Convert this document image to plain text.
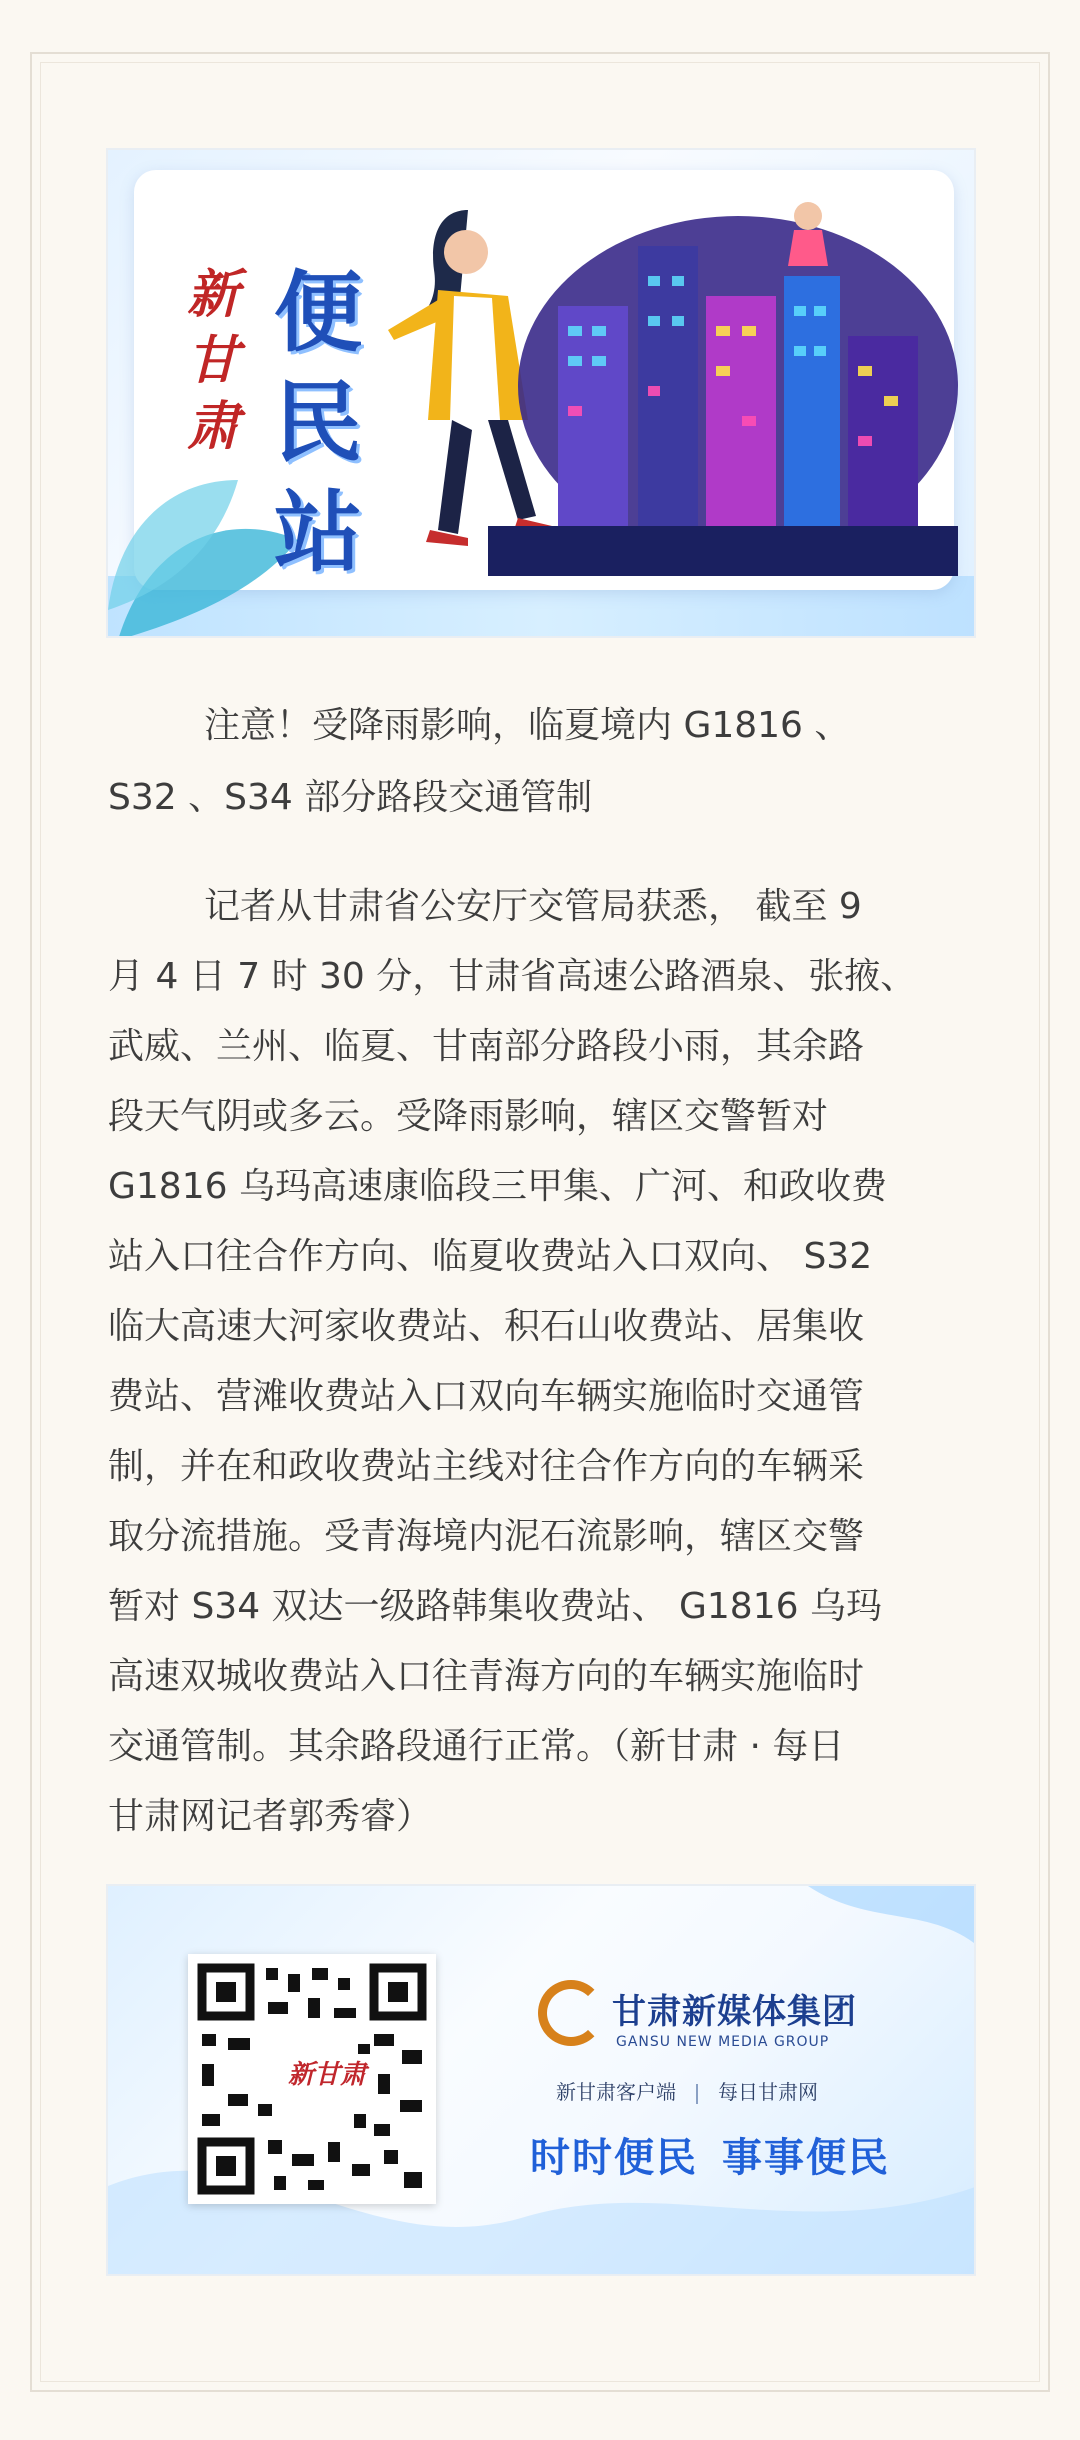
新甘肃
便民站
注意！受降雨影响，临夏境内 G1816 、
S32 、S34 部分路段交通管制
记者从甘肃省公安厅交管局获悉， 截至 9
月 4 日 7 时 30 分，甘肃省高速公路酒泉、张掖、
武威、兰州、临夏、甘南部分路段小雨，其余路
段天气阴或多云。受降雨影响，辖区交警暂对
G1816 乌玛高速康临段三甲集、广河、和政收费
站入口往合作方向、临夏收费站入口双向、 S32
临大高速大河家收费站、积石山收费站、居集收
费站、营滩收费站入口双向车辆实施临时交通管
制，并在和政收费站主线对往合作方向的车辆采
取分流措施。受青海境内泥石流影响，辖区交警
暂对 S34 双达一级路韩集收费站、 G1816 乌玛
高速双城收费站入口往青海方向的车辆实施临时
交通管制。其余路段通行正常。（新甘肃 · 每日
甘肃网记者郭秀睿）
新甘肃
甘肃新媒体集团
GANSU NEW MEDIA GROUP
新甘肃客户端 每日甘肃网
时时便民 事事便民
